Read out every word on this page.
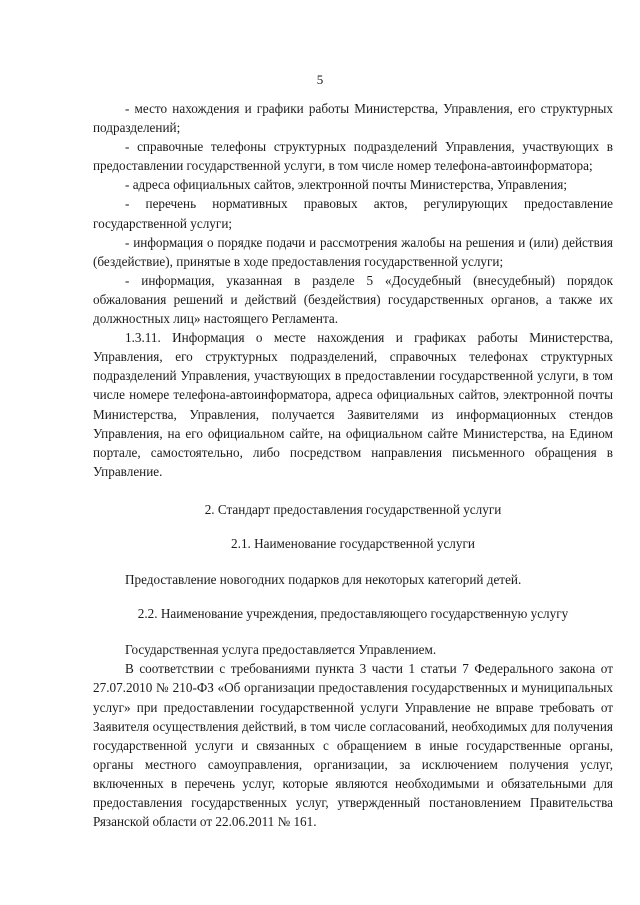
5

- место нахождения и графики работы Министерства, Управления, его структурных подразделений;

- справочные телефоны структурных подразделений Управления, участвующих в предоставлении государственной услуги, в том числе номер телефона-автоинформатора;

- адреса официальных сайтов, электронной почты Министерства, Управления;

- перечень нормативных правовых актов, регулирующих предоставление государственной услуги;

- информация о порядке подачи и рассмотрения жалобы на решения и (или) действия (бездействие), принятые в ходе предоставления государственной услуги;

- информация, указанная в разделе 5 «Досудебный (внесудебный) порядок обжалования решений и действий (бездействия) государственных органов, а также их должностных лиц» настоящего Регламента.

1.3.11. Информация о месте нахождения и графиках работы Министерства, Управления, его структурных подразделений, справочных телефонах структурных подразделений Управления, участвующих в предоставлении государственной услуги, в том числе номере телефона-автоинформатора, адреса официальных сайтов, электронной почты Министерства, Управления, получается Заявителями из информационных стендов Управления, на его официальном сайте, на официальном сайте Министерства, на Едином портале, самостоятельно, либо посредством направления письменного обращения в Управление.

2. Стандарт предоставления государственной услуги

2.1. Наименование государственной услуги

Предоставление новогодних подарков для некоторых категорий детей.

2.2. Наименование учреждения, предоставляющего государственную услугу

Государственная услуга предоставляется Управлением.

В соответствии с требованиями пункта 3 части 1 статьи 7 Федерального закона от 27.07.2010 № 210-ФЗ «Об организации предоставления государственных и муниципальных услуг» при предоставлении государственной услуги Управление не вправе требовать от Заявителя осуществления действий, в том числе согласований, необходимых для получения государственной услуги и связанных с обращением в иные государственные органы, органы местного самоуправления, организации, за исключением получения услуг, включенных в перечень услуг, которые являются необходимыми и обязательными для предоставления государственных услуг, утвержденный постановлением Правительства Рязанской области от 22.06.2011 № 161.
